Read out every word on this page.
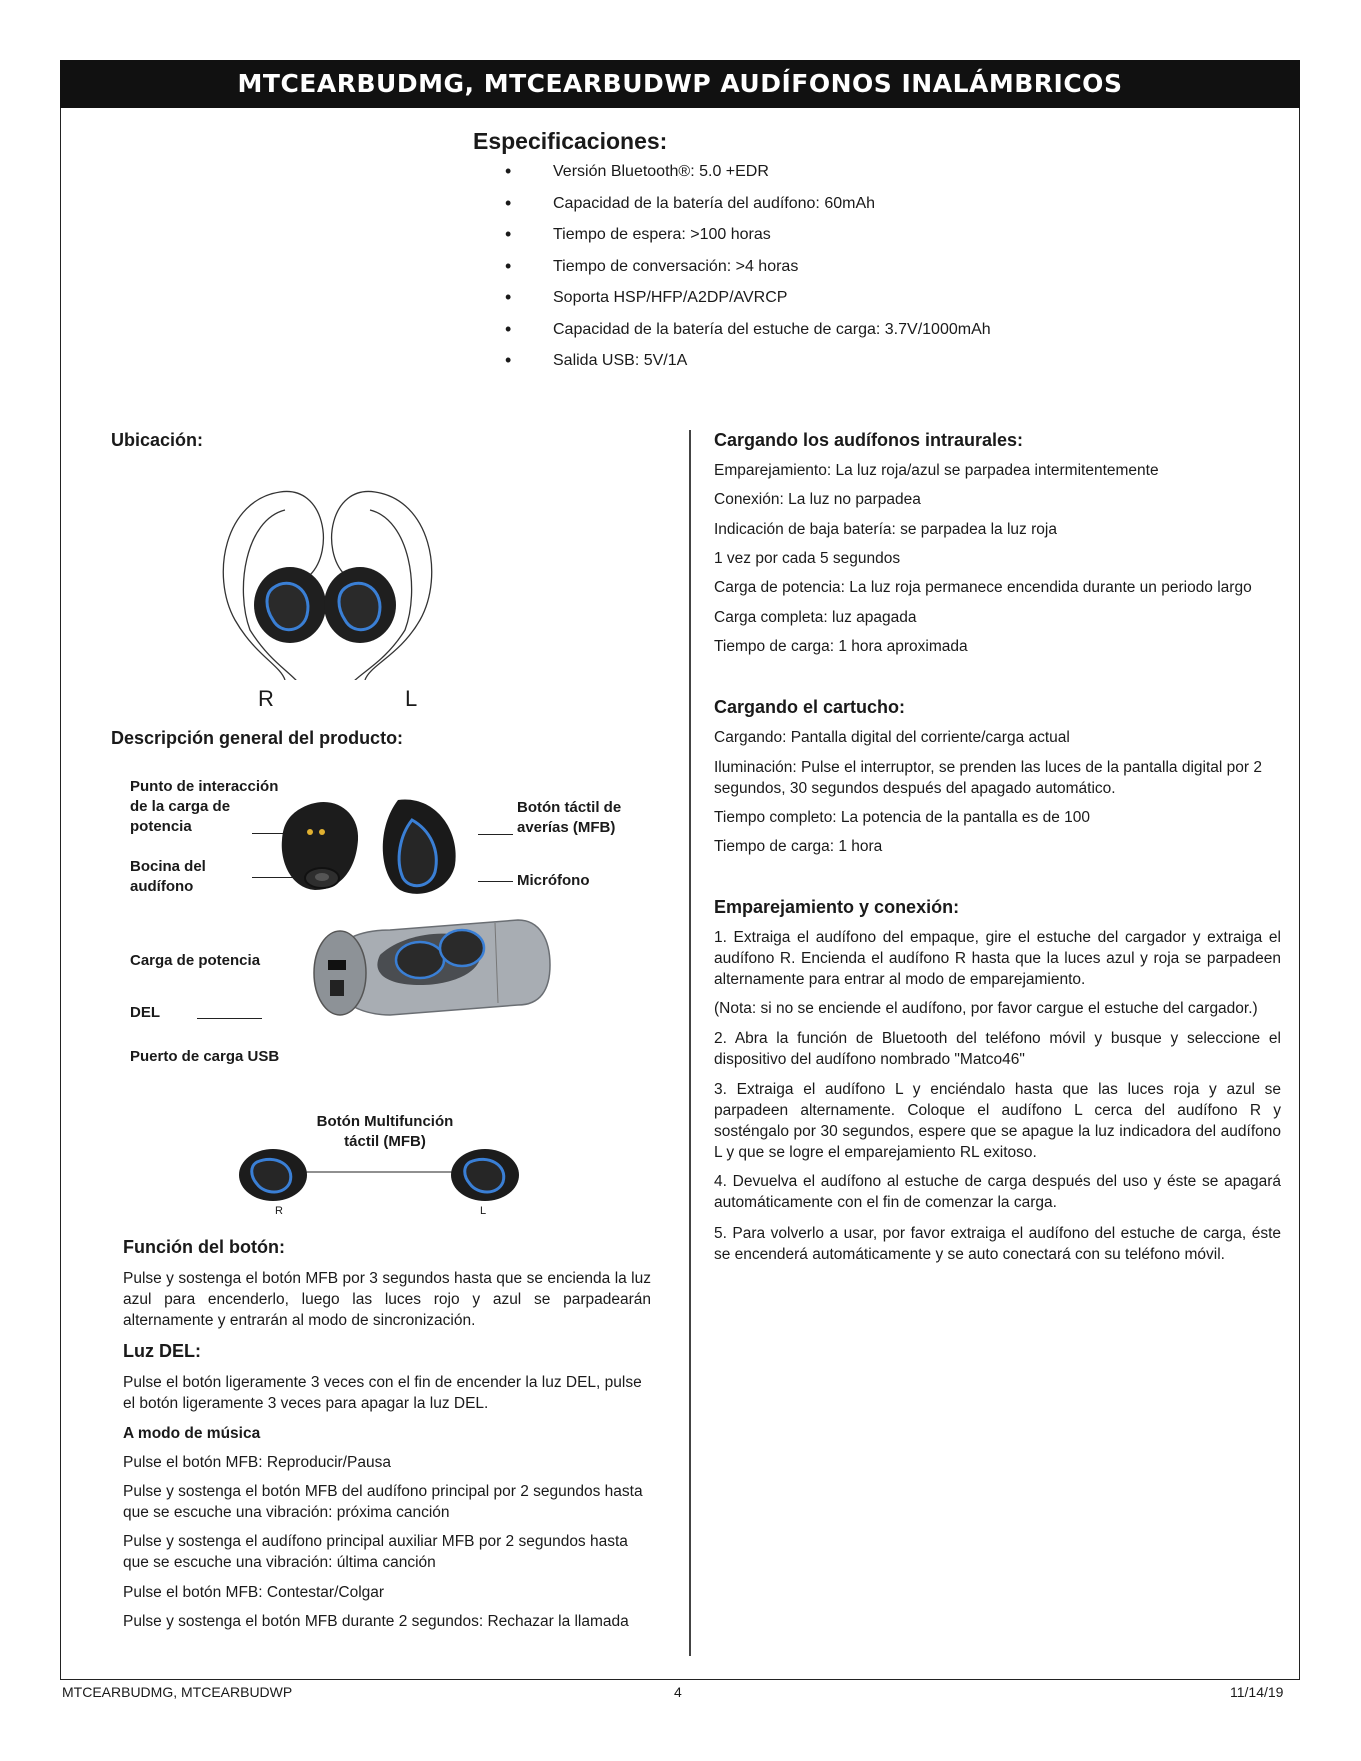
MTCEARBUDMG, MTCEARBUDWP AUDÍFONOS INALÁMBRICOS
Especificaciones:
• Versión Bluetooth®: 5.0 +EDR
• Capacidad de la batería del audífono: 60mAh
• Tiempo de espera: >100 horas
• Tiempo de conversación: >4 horas
• Soporta HSP/HFP/A2DP/AVRCP
• Capacidad de la batería del estuche de carga: 3.7V/1000mAh
• Salida USB: 5V/1A
Ubicación:
R	L
Descripción general del producto:
Punto de interacción de la carga de potencia
Bocina del audífono
Botón táctil de averías (MFB)
Micrófono
Carga de potencia
DEL
Puerto de carga USB
Botón Multifunción táctil (MFB)
R	L
Función del botón:
Pulse y sostenga el botón MFB por 3 segundos hasta que se encienda la luz azul para encenderlo, luego las luces rojo y azul se parpadearán alternamente y entrarán al modo de sincronización.
Luz DEL:
Pulse el botón ligeramente 3 veces con el fin de encender la luz DEL, pulse el botón ligeramente 3 veces para apagar la luz DEL.
A modo de música
Pulse el botón MFB: Reproducir/Pausa
Pulse y sostenga el botón MFB del audífono principal por 2 segundos hasta que se escuche una vibración: próxima canción
Pulse y sostenga el audífono principal auxiliar MFB por 2 segundos hasta que se escuche una vibración: última canción
Pulse el botón MFB: Contestar/Colgar
Pulse y sostenga el botón MFB durante 2 segundos: Rechazar la llamada
Cargando los audífonos intraurales:
Emparejamiento: La luz roja/azul se parpadea intermitentemente
Conexión: La luz no parpadea
Indicación de baja batería: se parpadea la luz roja
1 vez por cada 5 segundos
Carga de potencia: La luz roja permanece encendida durante un periodo largo
Carga completa: luz apagada
Tiempo de carga: 1 hora aproximada
Cargando el cartucho:
Cargando: Pantalla digital del corriente/carga actual
Iluminación: Pulse el interruptor, se prenden las luces de la pantalla digital por 2 segundos, 30 segundos después del apagado automático.
Tiempo completo: La potencia de la pantalla es de 100
Tiempo de carga: 1 hora
Emparejamiento y conexión:
1. Extraiga el audífono del empaque, gire el estuche del cargador y extraiga el audífono R. Encienda el audífono R hasta que la luces azul y roja se parpadeen alternamente para entrar al modo de emparejamiento.
(Nota: si no se enciende el audífono, por favor cargue el estuche del cargador.)
2. Abra la función de Bluetooth del teléfono móvil y busque y seleccione el dispositivo del audífono nombrado "Matco46"
3. Extraiga el audífono L y enciéndalo hasta que las luces roja y azul se parpadeen alternamente. Coloque el audífono L cerca del audífono R y sosténgalo por 30 segundos, espere que se apague la luz indicadora del audífono L y que se logre el emparejamiento RL exitoso.
4. Devuelva el audífono al estuche de carga después del uso y éste se apagará automáticamente con el fin de comenzar la carga.
5. Para volverlo a usar, por favor extraiga el audífono del estuche de carga, éste se encenderá automáticamente y se auto conectará con su teléfono móvil.
MTCEARBUDMG, MTCEARBUDWP	4	11/14/19
